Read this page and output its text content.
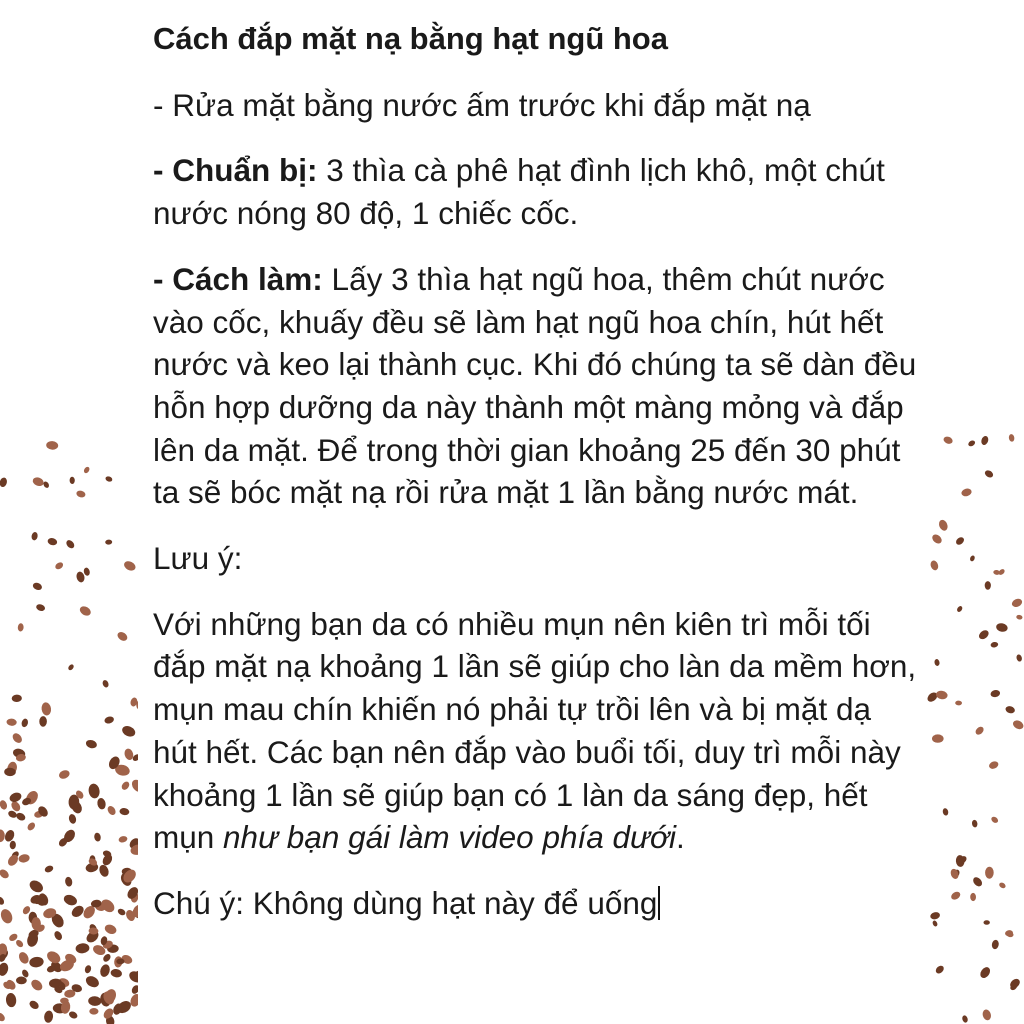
Cách đắp mặt nạ bằng hạt ngũ hoa

- Rửa mặt bằng nước ấm trước khi đắp mặt nạ

- Chuẩn bị: 3 thìa cà phê hạt đình lịch khô, một chút nước nóng 80 độ, 1 chiếc cốc.

- Cách làm: Lấy 3 thìa hạt ngũ hoa, thêm chút nước vào cốc, khuấy đều sẽ làm hạt ngũ hoa chín, hút hết nước và keo lại thành cục. Khi đó chúng ta sẽ dàn đều hỗn hợp dưỡng da này thành một màng mỏng và đắp lên da mặt. Để trong thời gian khoảng 25 đến 30 phút ta sẽ bóc mặt nạ rồi rửa mặt 1 lần bằng nước mát.

Lưu ý:

Với những bạn da có nhiều mụn nên kiên trì mỗi tối đắp mặt nạ khoảng 1 lần sẽ giúp cho làn da mềm hơn, mụn mau chín khiến nó phải tự trồi lên và bị mặt dạ hút hết. Các bạn nên đắp vào buổi tối, duy trì mỗi này khoảng 1 lần sẽ giúp bạn có 1 làn da sáng đẹp, hết mụn như bạn gái làm video phía dưới.

Chú ý: Không dùng hạt này để uống
